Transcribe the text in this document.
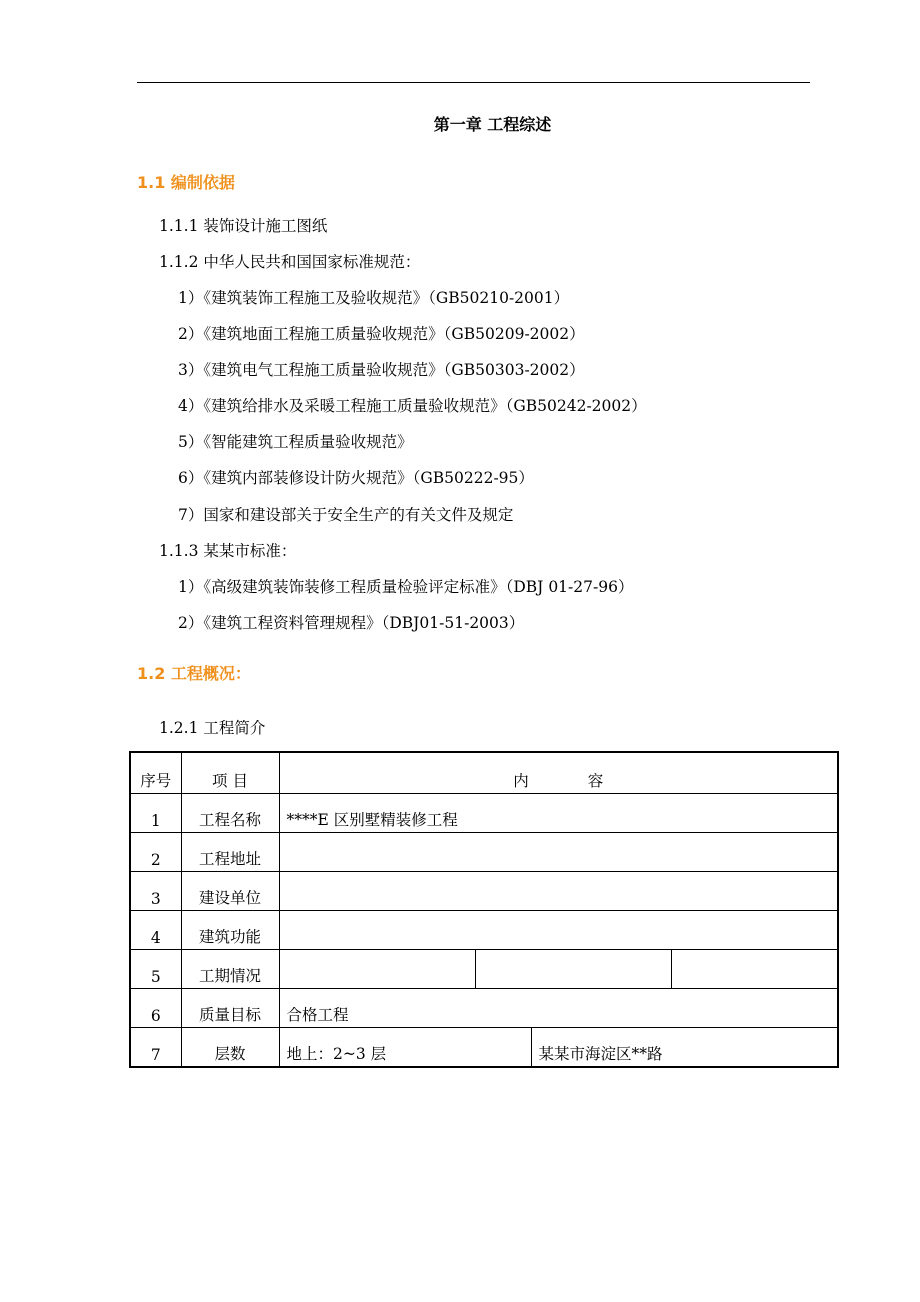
第一章 工程综述
1.1 编制依据
1.1.1 装饰设计施工图纸
1.1.2 中华人民共和国国家标准规范：
1）《建筑装饰工程施工及验收规范》（GB50210-2001）
2）《建筑地面工程施工质量验收规范》（GB50209-2002）
3）《建筑电气工程施工质量验收规范》（GB50303-2002）
4）《建筑给排水及采暖工程施工质量验收规范》（GB50242-2002）
5）《智能建筑工程质量验收规范》
6）《建筑内部装修设计防火规范》（GB50222-95）
7）国家和建设部关于安全生产的有关文件及规定
1.1.3 某某市标准：
1）《高级建筑装饰装修工程质量检验评定标准》（DBJ 01-27-96）
2）《建筑工程资料管理规程》（DBJ01-51-2003）
1.2 工程概况：
1.2.1 工程简介
序号	项 目	内            容			
1	工程名称	****E 区别墅精装修工程			
2	工程地址				
3	建设单位				
4	建筑功能				
5	工期情况				
6	质量目标	合格工程			
7	层数	地上：2~3 层		某某市海淀区**路	
